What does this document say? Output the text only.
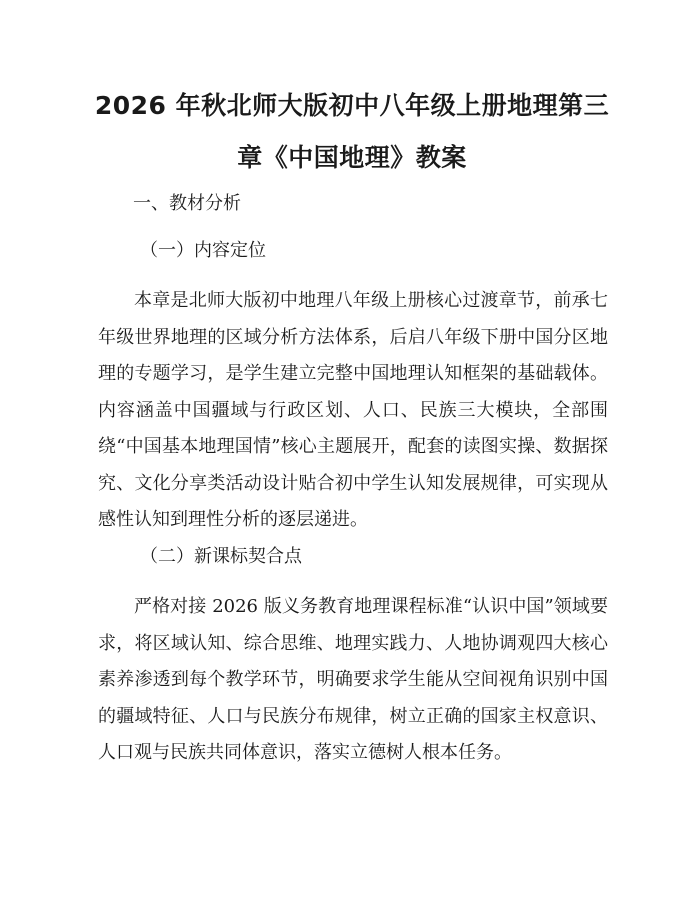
2026 年秋北师大版初中八年级上册地理第三章《中国地理》教案

一、教材分析

（一）内容定位

本章是北师大版初中地理八年级上册核心过渡章节，前承七年级世界地理的区域分析方法体系，后启八年级下册中国分区地理的专题学习，是学生建立完整中国地理认知框架的基础载体。内容涵盖中国疆域与行政区划、人口、民族三大模块，全部围绕“中国基本地理国情”核心主题展开，配套的读图实操、数据探究、文化分享类活动设计贴合初中学生认知发展规律，可实现从感性认知到理性分析的逐层递进。

（二）新课标契合点

严格对接 2026 版义务教育地理课程标准“认识中国”领域要求，将区域认知、综合思维、地理实践力、人地协调观四大核心素养渗透到每个教学环节，明确要求学生能从空间视角识别中国的疆域特征、人口与民族分布规律，树立正确的国家主权意识、人口观与民族共同体意识，落实立德树人根本任务。
